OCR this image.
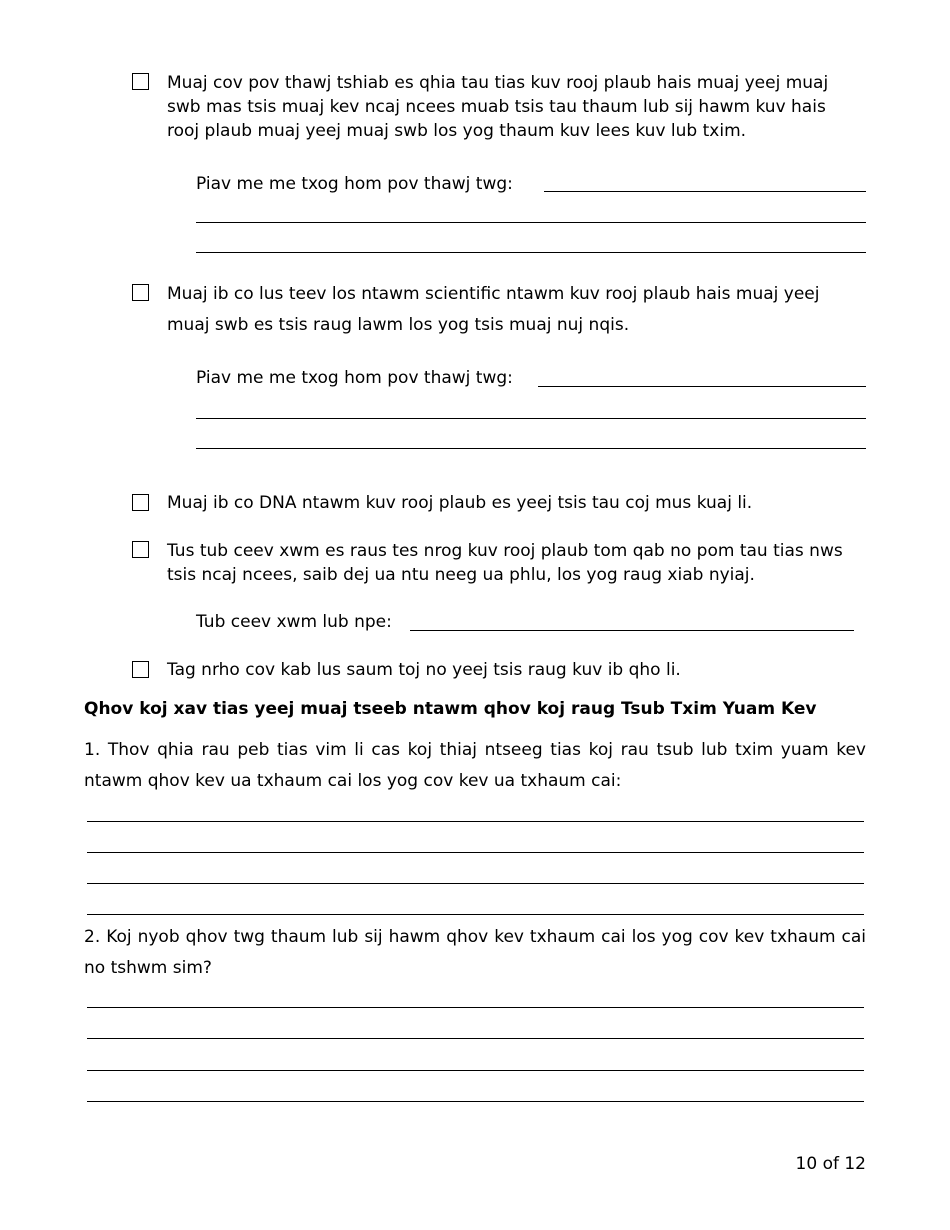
Muaj cov pov thawj tshiab es qhia tau tias kuv rooj plaub hais muaj yeej muaj swb mas tsis muaj kev ncaj ncees muab tsis tau thaum lub sij hawm kuv hais rooj plaub muaj yeej muaj swb los yog thaum kuv lees kuv lub txim.
Piav me me txog hom pov thawj twg:
Muaj ib co lus teev los ntawm scientific ntawm kuv rooj plaub hais muaj yeej muaj swb es tsis raug lawm los yog tsis muaj nuj nqis.
Piav me me txog hom pov thawj twg:
Muaj ib co DNA ntawm kuv rooj plaub es yeej tsis tau coj mus kuaj li.
Tus tub ceev xwm es raus tes nrog kuv rooj plaub tom qab no pom tau tias nws tsis ncaj ncees, saib dej ua ntu neeg ua phlu, los yog raug xiab nyiaj.
Tub ceev xwm lub npe:
Tag nrho cov kab lus saum toj no yeej tsis raug kuv ib qho li.
Qhov koj xav tias yeej muaj tseeb ntawm qhov koj raug Tsub Txim Yuam Kev
1. Thov qhia rau peb tias vim li cas koj thiaj ntseeg tias koj rau tsub lub txim yuam kev ntawm qhov kev ua txhaum cai los yog cov kev ua txhaum cai:
2. Koj nyob qhov twg thaum lub sij hawm qhov kev txhaum cai los yog cov kev txhaum cai no tshwm sim?
10 of 12
